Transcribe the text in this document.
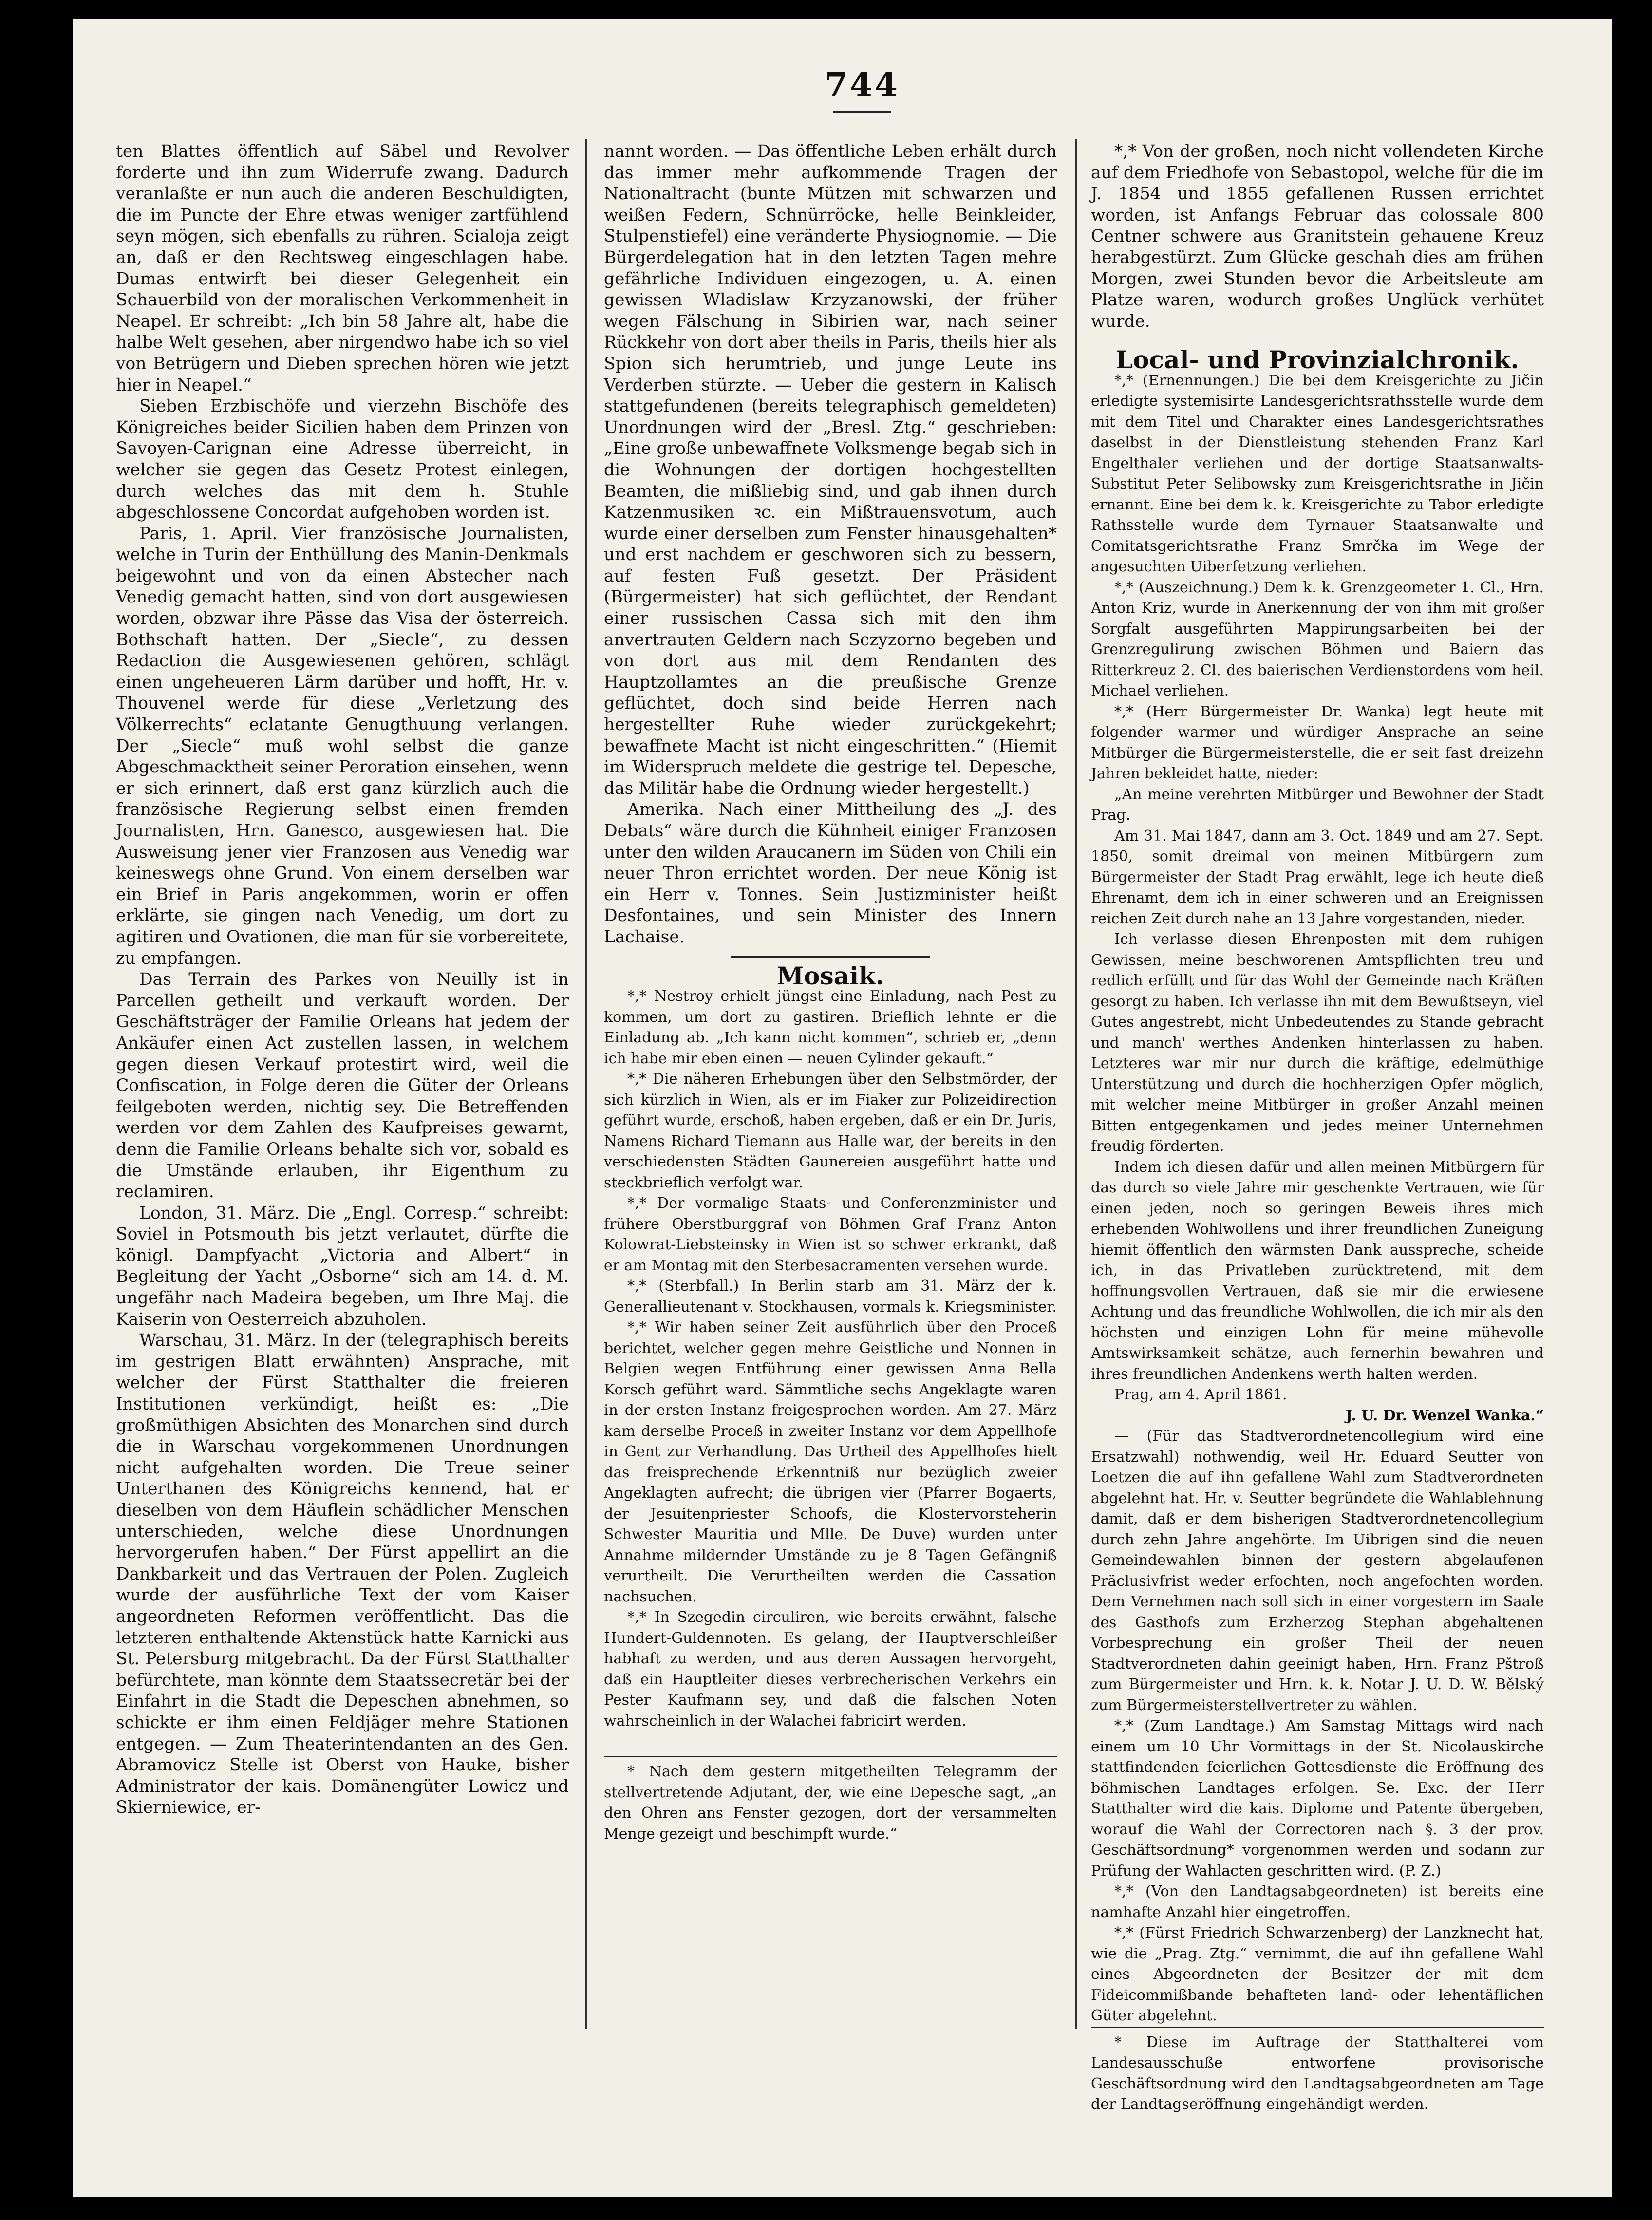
744

ten Blattes öffentlich auf Säbel und Revolver forderte und ihn zum Widerrufe zwang. Dadurch veranlaßte er nun auch die anderen Beschuldigten, die im Puncte der Ehre etwas weniger zartfühlend seyn mögen, sich ebenfalls zu rühren. Scialoja zeigt an, daß er den Rechtsweg eingeschlagen habe. Dumas entwirft bei dieser Gelegenheit ein Schauerbild von der moralischen Verkommenheit in Neapel. Er schreibt: „Ich bin 58 Jahre alt, habe die halbe Welt gesehen, aber nirgendwo habe ich so viel von Betrügern und Dieben sprechen hören wie jetzt hier in Neapel.“

Sieben Erzbischöfe und vierzehn Bischöfe des Königreiches beider Sicilien haben dem Prinzen von Savoyen-Carignan eine Adresse überreicht, in welcher sie gegen das Gesetz Protest einlegen, durch welches das mit dem h. Stuhle abgeschlossene Concordat aufgehoben worden ist.

Paris, 1. April. Vier französische Journalisten, welche in Turin der Enthüllung des Manin-Denkmals beigewohnt und von da einen Abstecher nach Venedig gemacht hatten, sind von dort ausgewiesen worden, obzwar ihre Pässe das Visa der österreich. Bothschaft hatten. Der „Siecle“, zu dessen Redaction die Ausgewiesenen gehören, schlägt einen ungeheueren Lärm darüber und hofft, Hr. v. Thouvenel werde für diese „Verletzung des Völkerrechts“ eclatante Genugthuung verlangen. Der „Siecle“ muß wohl selbst die ganze Abgeschmacktheit seiner Peroration einsehen, wenn er sich erinnert, daß erst ganz kürzlich auch die französische Regierung selbst einen fremden Journalisten, Hrn. Ganesco, ausgewiesen hat. Die Ausweisung jener vier Franzosen aus Venedig war keineswegs ohne Grund. Von einem derselben war ein Brief in Paris angekommen, worin er offen erklärte, sie gingen nach Venedig, um dort zu agitiren und Ovationen, die man für sie vorbereitete, zu empfangen.

Das Terrain des Parkes von Neuilly ist in Parcellen getheilt und verkauft worden. Der Geschäftsträger der Familie Orleans hat jedem der Ankäufer einen Act zustellen lassen, in welchem gegen diesen Verkauf protestirt wird, weil die Confiscation, in Folge deren die Güter der Orleans feilgeboten werden, nichtig sey. Die Betreffenden werden vor dem Zahlen des Kaufpreises gewarnt, denn die Familie Orleans behalte sich vor, sobald es die Umstände erlauben, ihr Eigenthum zu reclamiren.

London, 31. März. Die „Engl. Corresp.“ schreibt: Soviel in Potsmouth bis jetzt verlautet, dürfte die königl. Dampfyacht „Victoria and Albert“ in Begleitung der Yacht „Osborne“ sich am 14. d. M. ungefähr nach Madeira begeben, um Ihre Maj. die Kaiserin von Oesterreich abzuholen.

Warschau, 31. März. In der (telegraphisch bereits im gestrigen Blatt erwähnten) Ansprache, mit welcher der Fürst Statthalter die freieren Institutionen verkündigt, heißt es: „Die großmüthigen Absichten des Monarchen sind durch die in Warschau vorgekommenen Unordnungen nicht aufgehalten worden. Die Treue seiner Unterthanen des Königreichs kennend, hat er dieselben von dem Häuflein schädlicher Menschen unterschieden, welche diese Unordnungen hervorgerufen haben.“ Der Fürst appellirt an die Dankbarkeit und das Vertrauen der Polen. Zugleich wurde der ausführliche Text der vom Kaiser angeordneten Reformen veröffentlicht. Das die letzteren enthaltende Aktenstück hatte Karnicki aus St. Petersburg mitgebracht. Da der Fürst Statthalter befürchtete, man könnte dem Staatssecretär bei der Einfahrt in die Stadt die Depeschen abnehmen, so schickte er ihm einen Feldjäger mehre Stationen entgegen. — Zum Theaterintendanten an des Gen. Abramovicz Stelle ist Oberst von Hauke, bisher Administrator der kais. Domänengüter Lowicz und Skierniewice, er-

nannt worden. — Das öffentliche Leben erhält durch das immer mehr aufkommende Tragen der Nationaltracht (bunte Mützen mit schwarzen und weißen Federn, Schnürröcke, helle Beinkleider, Stulpenstiefel) eine veränderte Physiognomie. — Die Bürgerdelegation hat in den letzten Tagen mehre gefährliche Individuen eingezogen, u. A. einen gewissen Wladislaw Krzyzanowski, der früher wegen Fälschung in Sibirien war, nach seiner Rückkehr von dort aber theils in Paris, theils hier als Spion sich herumtrieb, und junge Leute ins Verderben stürzte. — Ueber die gestern in Kalisch stattgefundenen (bereits telegraphisch gemeldeten) Unordnungen wird der „Bresl. Ztg.“ geschrieben: „Eine große unbewaffnete Volksmenge begab sich in die Wohnungen der dortigen hochgestellten Beamten, die mißliebig sind, und gab ihnen durch Katzenmusiken ꝛc. ein Mißtrauensvotum, auch wurde einer derselben zum Fenster hinausgehalten* und erst nachdem er geschworen sich zu bessern, auf festen Fuß gesetzt. Der Präsident (Bürgermeister) hat sich geflüchtet, der Rendant einer russischen Cassa sich mit den ihm anvertrauten Geldern nach Sczyzorno begeben und von dort aus mit dem Rendanten des Hauptzollamtes an die preußische Grenze geflüchtet, doch sind beide Herren nach hergestellter Ruhe wieder zurückgekehrt; bewaffnete Macht ist nicht eingeschritten.“ (Hiemit im Widerspruch meldete die gestrige tel. Depesche, das Militär habe die Ordnung wieder hergestellt.)

Amerika. Nach einer Mittheilung des „J. des Debats“ wäre durch die Kühnheit einiger Franzosen unter den wilden Araucanern im Süden von Chili ein neuer Thron errichtet worden. Der neue König ist ein Herr v. Tonnes. Sein Justizminister heißt Desfontaines, und sein Minister des Innern Lachaise.

Mosaik.

*,* Nestroy erhielt jüngst eine Einladung, nach Pest zu kommen, um dort zu gastiren. Brieflich lehnte er die Einladung ab. „Ich kann nicht kommen“, schrieb er, „denn ich habe mir eben einen — neuen Cylinder gekauft.“

*,* Die näheren Erhebungen über den Selbstmörder, der sich kürzlich in Wien, als er im Fiaker zur Polizeidirection geführt wurde, erschoß, haben ergeben, daß er ein Dr. Juris, Namens Richard Tiemann aus Halle war, der bereits in den verschiedensten Städten Gaunereien ausgeführt hatte und steckbrieflich verfolgt war.

*,* Der vormalige Staats- und Conferenzminister und frühere Oberstburggraf von Böhmen Graf Franz Anton Kolowrat-Liebsteinsky in Wien ist so schwer erkrankt, daß er am Montag mit den Sterbesacramenten versehen wurde.

*,* (Sterbfall.) In Berlin starb am 31. März der k. Generallieutenant v. Stockhausen, vormals k. Kriegsminister.

*,* Wir haben seiner Zeit ausführlich über den Proceß berichtet, welcher gegen mehre Geistliche und Nonnen in Belgien wegen Entführung einer gewissen Anna Bella Korsch geführt ward. Sämmtliche sechs Angeklagte waren in der ersten Instanz freigesprochen worden. Am 27. März kam derselbe Proceß in zweiter Instanz vor dem Appellhofe in Gent zur Verhandlung. Das Urtheil des Appellhofes hielt das freisprechende Erkenntniß nur bezüglich zweier Angeklagten aufrecht; die übrigen vier (Pfarrer Bogaerts, der Jesuitenpriester Schoofs, die Klostervorsteherin Schwester Mauritia und Mlle. De Duve) wurden unter Annahme mildernder Umstände zu je 8 Tagen Gefängniß verurtheilt. Die Verurtheilten werden die Cassation nachsuchen.

*,* In Szegedin circuliren, wie bereits erwähnt, falsche Hundert-Guldennoten. Es gelang, der Hauptverschleißer habhaft zu werden, und aus deren Aussagen hervorgeht, daß ein Hauptleiter dieses verbrecherischen Verkehrs ein Pester Kaufmann sey, und daß die falschen Noten wahrscheinlich in der Walachei fabricirt werden.

* Nach dem gestern mitgetheilten Telegramm der stellvertretende Adjutant, der, wie eine Depesche sagt, „an den Ohren ans Fenster gezogen, dort der versammelten Menge gezeigt und beschimpft wurde.“

*,* Von der großen, noch nicht vollendeten Kirche auf dem Friedhofe von Sebastopol, welche für die im J. 1854 und 1855 gefallenen Russen errichtet worden, ist Anfangs Februar das colossale 800 Centner schwere aus Granitstein gehauene Kreuz herabgestürzt. Zum Glücke geschah dies am frühen Morgen, zwei Stunden bevor die Arbeitsleute am Platze waren, wodurch großes Unglück verhütet wurde.

Local- und Provinzialchronik.

*,* (Ernennungen.) Die bei dem Kreisgerichte zu Jičin erledigte systemisirte Landesgerichtsrathsstelle wurde dem mit dem Titel und Charakter eines Landesgerichtsrathes daselbst in der Dienstleistung stehenden Franz Karl Engelthaler verliehen und der dortige Staatsanwalts-Substitut Peter Selibowsky zum Kreisgerichtsrathe in Jičin ernannt. Eine bei dem k. k. Kreisgerichte zu Tabor erledigte Rathsstelle wurde dem Tyrnauer Staatsanwalte und Comitatsgerichtsrathe Franz Smrčka im Wege der angesuchten Uiberſetzung verliehen.

*,* (Auszeichnung.) Dem k. k. Grenzgeometer 1. Cl., Hrn. Anton Kriz, wurde in Anerkennung der von ihm mit großer Sorgfalt ausgeführten Mappirungsarbeiten bei der Grenzregulirung zwischen Böhmen und Baiern das Ritterkreuz 2. Cl. des baierischen Verdienstordens vom heil. Michael verliehen.

*,* (Herr Bürgermeister Dr. Wanka) legt heute mit folgender warmer und würdiger Ansprache an seine Mitbürger die Bürgermeisterstelle, die er seit fast dreizehn Jahren bekleidet hatte, nieder:

„An meine verehrten Mitbürger und Bewohner der Stadt Prag.

Am 31. Mai 1847, dann am 3. Oct. 1849 und am 27. Sept. 1850, somit dreimal von meinen Mitbürgern zum Bürgermeister der Stadt Prag erwählt, lege ich heute dieß Ehrenamt, dem ich in einer schweren und an Ereignissen reichen Zeit durch nahe an 13 Jahre vorgestanden, nieder.

Ich verlasse diesen Ehrenposten mit dem ruhigen Gewissen, meine beschworenen Amtspflichten treu und redlich erfüllt und für das Wohl der Gemeinde nach Kräften gesorgt zu haben. Ich verlasse ihn mit dem Bewußtseyn, viel Gutes angestrebt, nicht Unbedeutendes zu Stande gebracht und manch' werthes Andenken hinterlassen zu haben. Letzteres war mir nur durch die kräftige, edelmüthige Unterstützung und durch die hochherzigen Opfer möglich, mit welcher meine Mitbürger in großer Anzahl meinen Bitten entgegenkamen und jedes meiner Unternehmen freudig förderten.

Indem ich diesen dafür und allen meinen Mitbürgern für das durch so viele Jahre mir geschenkte Vertrauen, wie für einen jeden, noch so geringen Beweis ihres mich erhebenden Wohlwollens und ihrer freundlichen Zuneigung hiemit öffentlich den wärmsten Dank ausspreche, scheide ich, in das Privatleben zurücktretend, mit dem hoffnungsvollen Vertrauen, daß sie mir die erwiesene Achtung und das freundliche Wohlwollen, die ich mir als den höchsten und einzigen Lohn für meine mühevolle Amtswirksamkeit schätze, auch fernerhin bewahren und ihres freundlichen Andenkens werth halten werden.

Prag, am 4. April 1861.

J. U. Dr. Wenzel Wanka.“

— (Für das Stadtverordnetencollegium wird eine Ersatzwahl) nothwendig, weil Hr. Eduard Seutter von Loetzen die auf ihn gefallene Wahl zum Stadtverordneten abgelehnt hat. Hr. v. Seutter begründete die Wahlablehnung damit, daß er dem bisherigen Stadtverordnetencollegium durch zehn Jahre angehörte. Im Uibrigen sind die neuen Gemeindewahlen binnen der gestern abgelaufenen Präclusivfrist weder erfochten, noch angefochten worden. Dem Vernehmen nach soll sich in einer vorgestern im Saale des Gasthofs zum Erzherzog Stephan abgehaltenen Vorbesprechung ein großer Theil der neuen Stadtverordneten dahin geeinigt haben, Hrn. Franz Pštroß zum Bürgermeister und Hrn. k. k. Notar J. U. D. W. Bělský zum Bürgermeisterstellvertreter zu wählen.

*,* (Zum Landtage.) Am Samstag Mittags wird nach einem um 10 Uhr Vormittags in der St. Nicolauskirche stattfindenden feierlichen Gottesdienste die Eröffnung des böhmischen Landtages erfolgen. Se. Exc. der Herr Statthalter wird die kais. Diplome und Patente übergeben, worauf die Wahl der Correctoren nach §. 3 der prov. Geschäftsordnung* vorgenommen werden und sodann zur Prüfung der Wahlacten geschritten wird. (P. Z.)

*,* (Von den Landtagsabgeordneten) ist bereits eine namhafte Anzahl hier eingetroffen.

*,* (Fürst Friedrich Schwarzenberg) der Lanzknecht hat, wie die „Prag. Ztg.“ vernimmt, die auf ihn gefallene Wahl eines Abgeordneten der Besitzer der mit dem Fideicommißbande behafteten land- oder lehentäflichen Güter abgelehnt.

* Diese im Auftrage der Statthalterei vom Landesausschuße entworfene provisorische Geschäftsordnung wird den Landtagsabgeordneten am Tage der Landtagseröffnung eingehändigt werden.
